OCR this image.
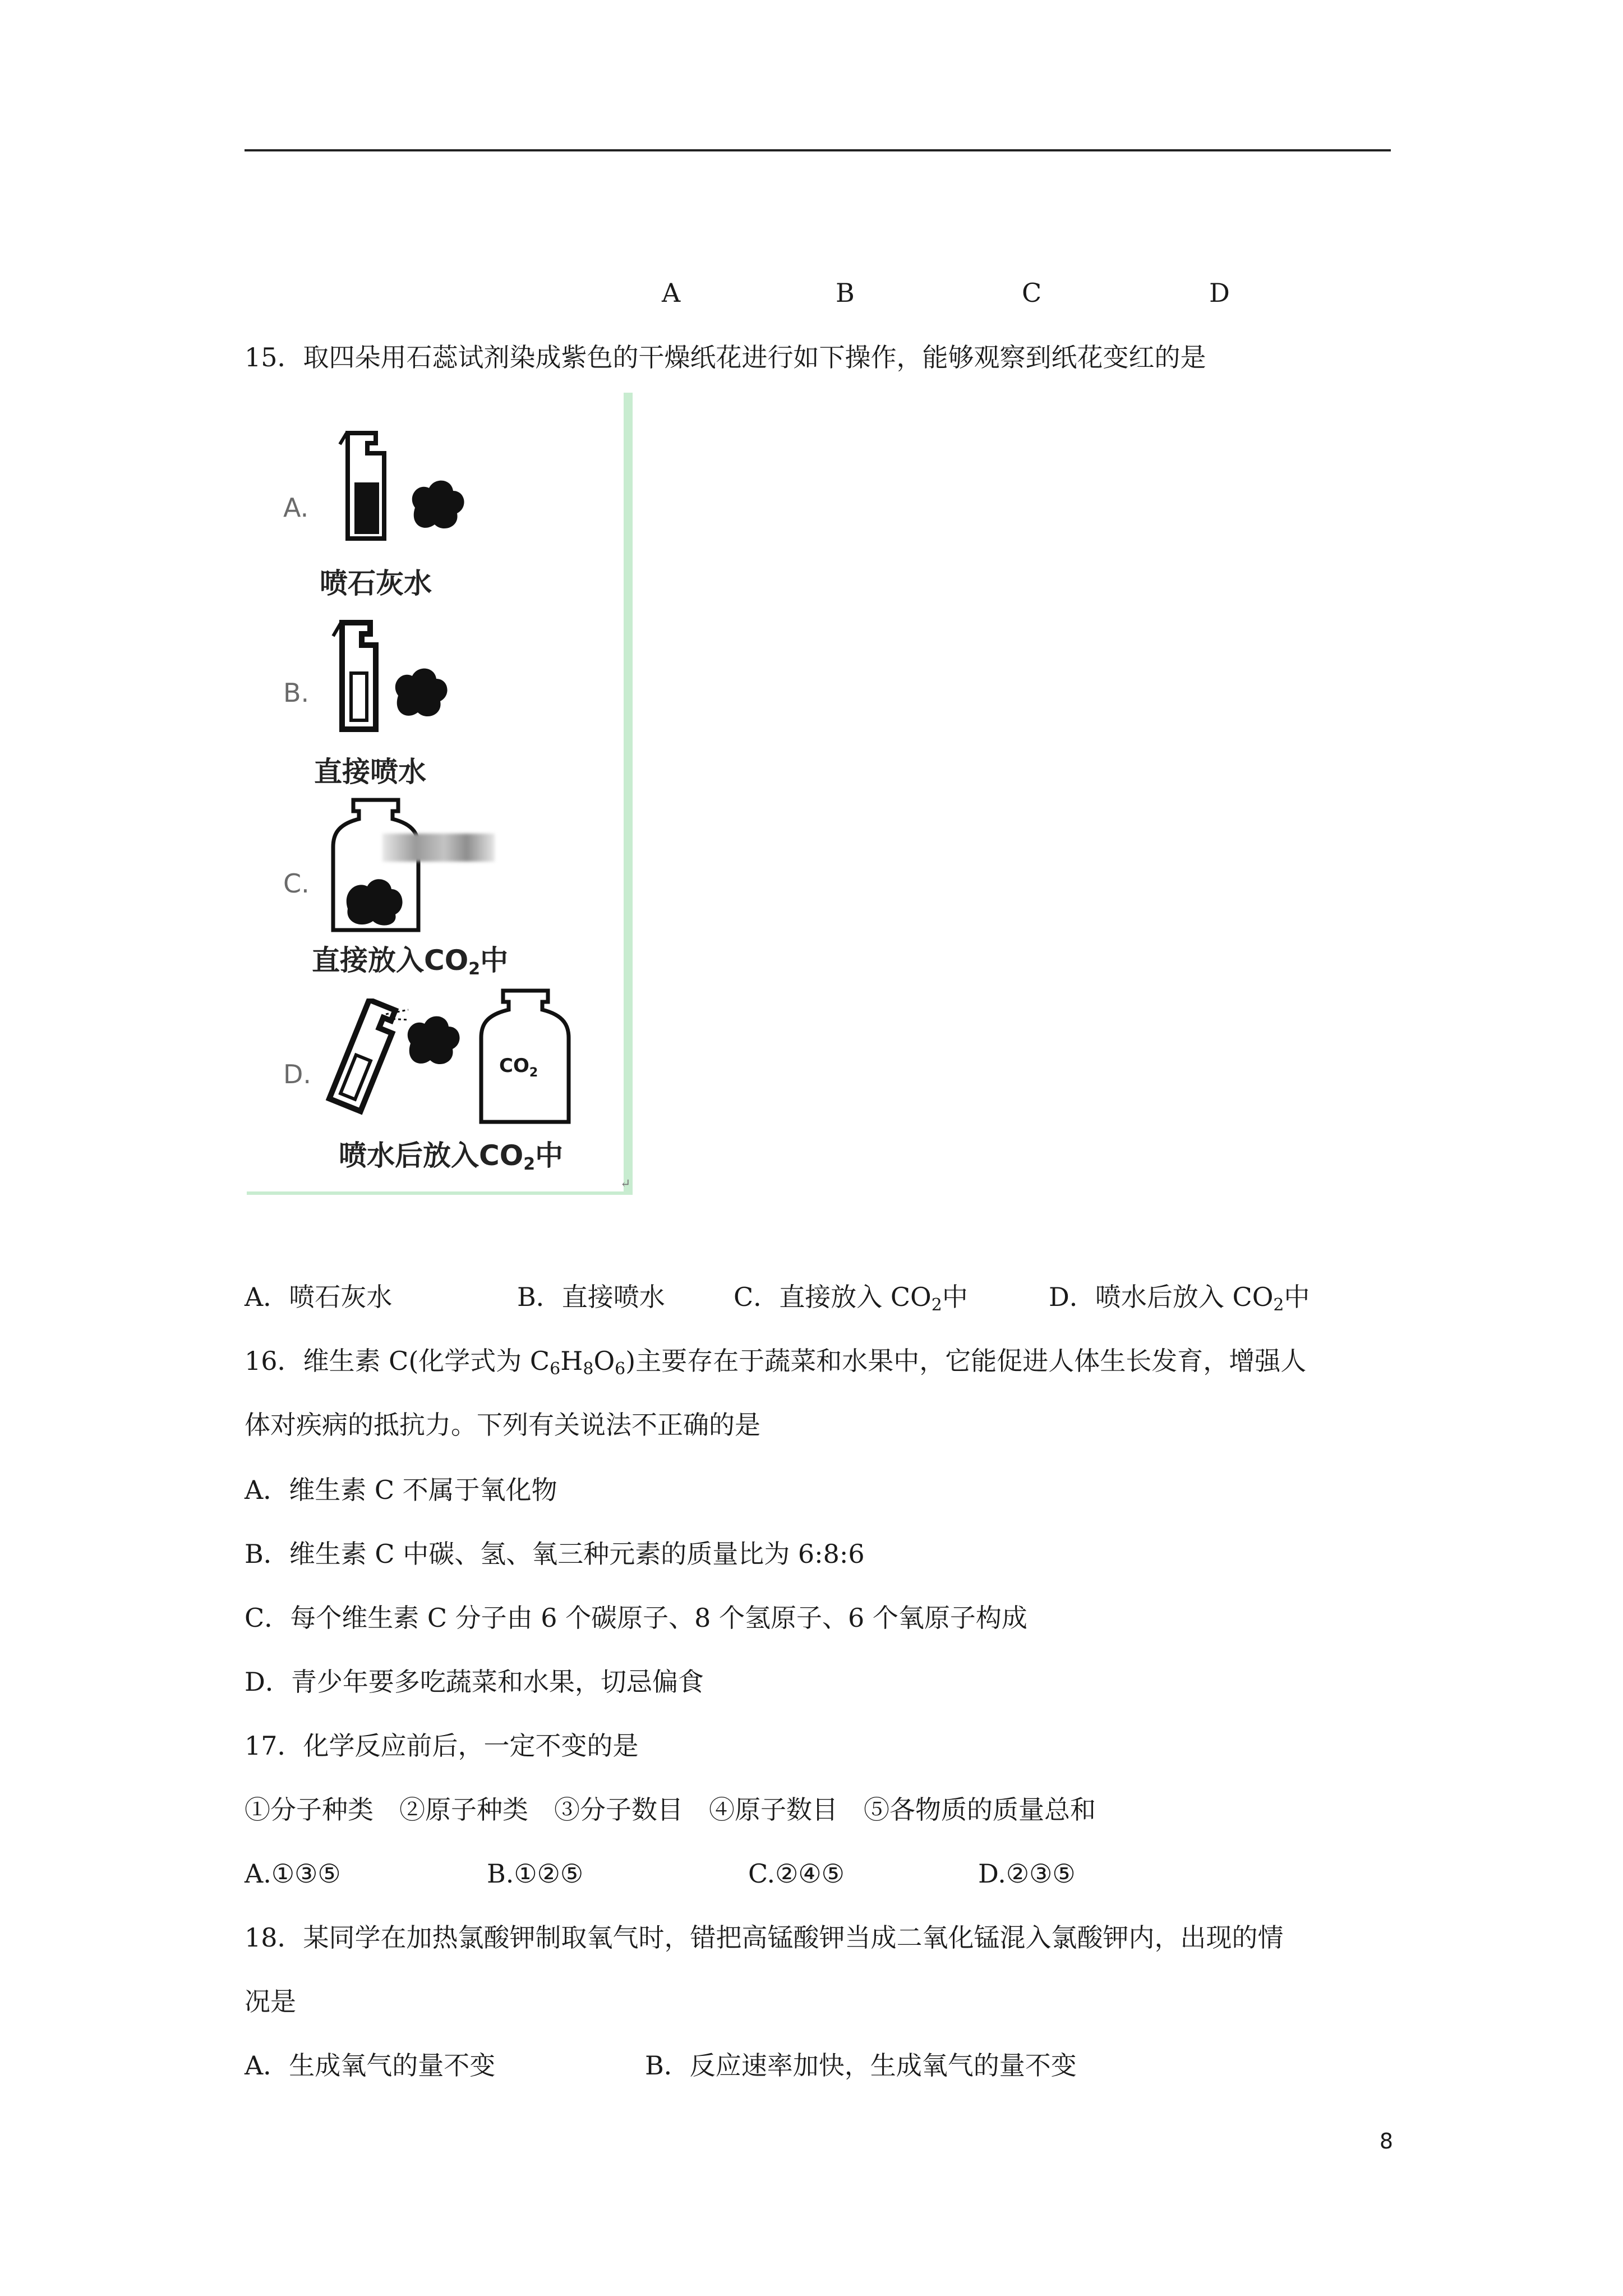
A	B	C	D
15．取四朵用石蕊试剂染成紫色的干燥纸花进行如下操作，能够观察到纸花变红的是
A.
喷石灰水
B.
直接喷水
C.
直接放入$CO_2$中
D.	$CO_2$
喷水后放入$CO_2$中
↵
A．喷石灰水	B．直接喷水	C．直接放入 $CO_2$中	D．喷水后放入 $CO_2$中
16．维生素 C(化学式为 $C_6H_8O_6$)主要存在于蔬菜和水果中，它能促进人体生长发育，增强人
体对疾病的抵抗力。下列有关说法不正确的是
A．维生素 C 不属于氧化物
B．维生素 C 中碳、氢、氧三种元素的质量比为 6:8:6
C．每个维生素 C 分子由 6 个碳原子、8 个氢原子、6 个氧原子构成
D．青少年要多吃蔬菜和水果，切忌偏食
17．化学反应前后，一定不变的是
①分子种类　②原子种类　③分子数目　④原子数目　⑤各物质的质量总和
A.①③⑤	B.①②⑤	C.②④⑤	D.②③⑤
18．某同学在加热氯酸钾制取氧气时，错把高锰酸钾当成二氧化锰混入氯酸钾内，出现的情
况是
A．生成氧气的量不变	B．反应速率加快，生成氧气的量不变
8
